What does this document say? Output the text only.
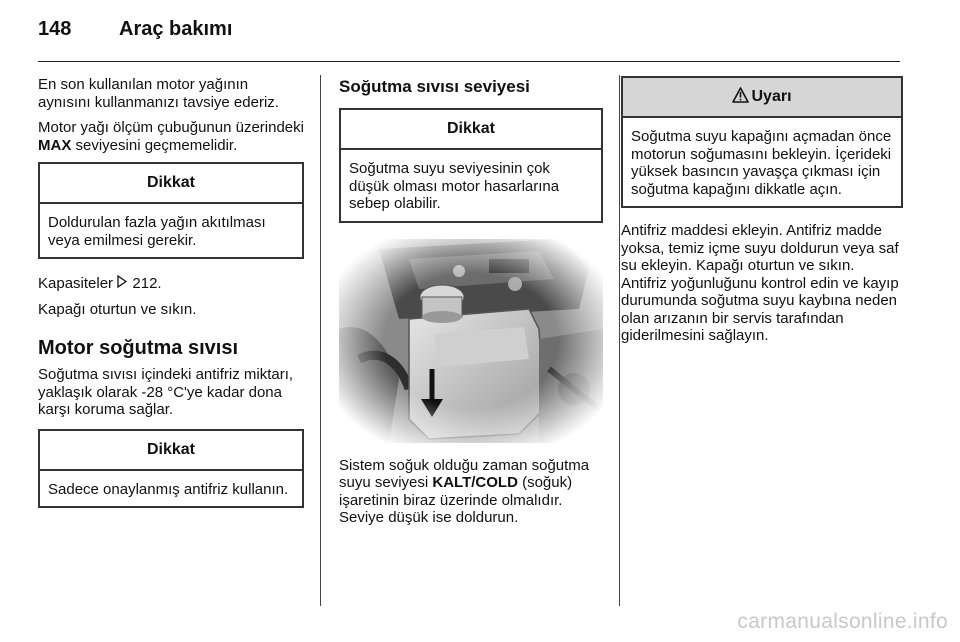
148 Araç bakımı

En son kullanılan motor yağının aynısını kullanmanızı tavsiye ederiz.

Motor yağı ölçüm çubuğunun üzerindeki MAX seviyesini geçmemelidir.

Dikkat
Doldurulan fazla yağın akıtılması veya emilmesi gerekir.

Kapasiteler  212.

Kapağı oturtun ve sıkın.

Motor soğutma sıvısı

Soğutma sıvısı içindeki antifriz miktarı, yaklaşık olarak -28 °C'ye kadar dona karşı koruma sağlar.

Dikkat
Sadece onaylanmış antifriz kullanın.
Soğutma sıvısı seviyesi
Dikkat
Soğutma suyu seviyesinin çok düşük olması motor hasarlarına sebep olabilir.

Sistem soğuk olduğu zaman soğutma suyu seviyesi KALT/COLD (soğuk) işaretinin biraz üzerinde olmalıdır. Seviye düşük ise doldurun.

Uyarı
Soğutma suyu kapağını açmadan önce motorun soğumasını bekleyin. İçerideki yüksek basıncın yavaşça çıkması için soğutma kapağını dikkatle açın.

Antifriz maddesi ekleyin. Antifriz madde yoksa, temiz içme suyu doldurun veya saf su ekleyin. Kapağı oturtun ve sıkın. Antifriz yoğunluğunu kontrol edin ve kayıp durumunda soğutma suyu kaybına neden olan arızanın bir servis tarafından giderilmesini sağlayın.

carmanualsonline.info
